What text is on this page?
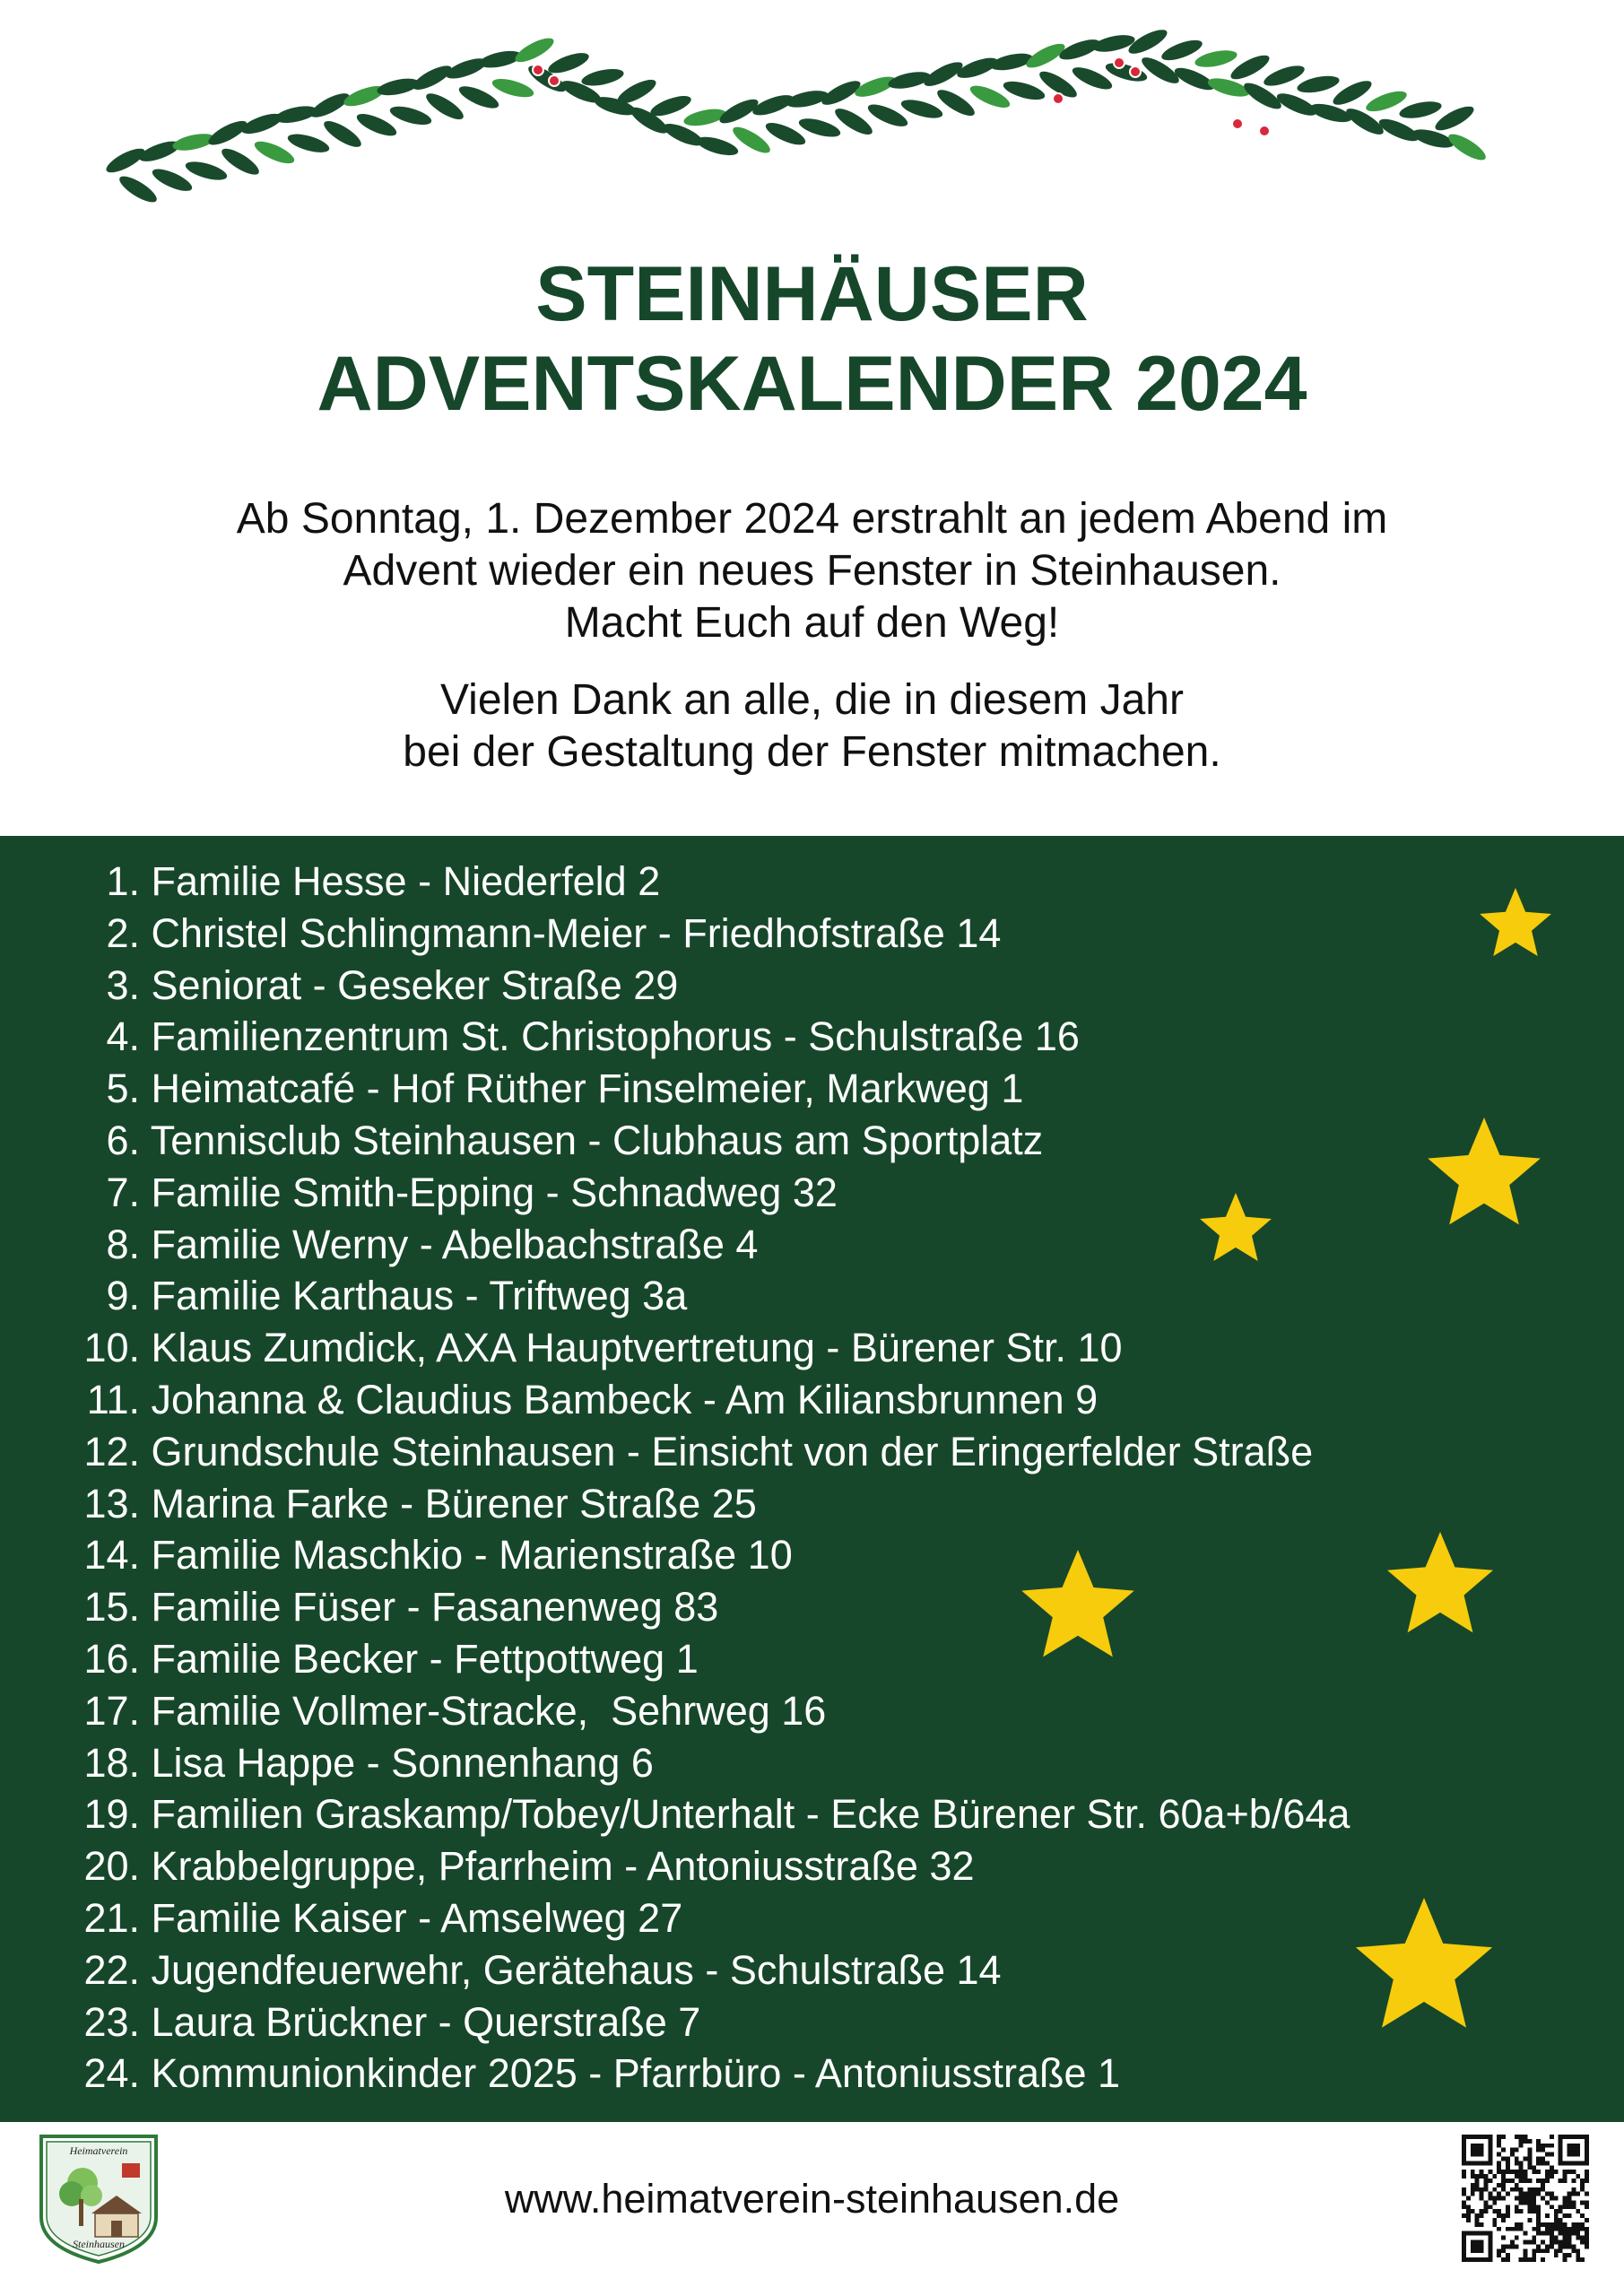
STEINHÄUSER
ADVENTSKALENDER 2024

Ab Sonntag, 1. Dezember 2024 erstrahlt an jedem Abend im
Advent wieder ein neues Fenster in Steinhausen.
Macht Euch auf den Weg!

Vielen Dank an alle, die in diesem Jahr
bei der Gestaltung der Fenster mitmachen.

1. Familie Hesse - Niederfeld 2
2. Christel Schlingmann-Meier - Friedhofstraße 14
3. Seniorat - Geseker Straße 29
4. Familienzentrum St. Christophorus - Schulstraße 16
5. Heimatcafé - Hof Rüther Finselmeier, Markweg 1
6. Tennisclub Steinhausen - Clubhaus am Sportplatz
7. Familie Smith-Epping - Schnadweg 32
8. Familie Werny - Abelbachstraße 4
9. Familie Karthaus - Triftweg 3a
10. Klaus Zumdick, AXA Hauptvertretung - Bürener Str. 10
11. Johanna & Claudius Bambeck - Am Kiliansbrunnen 9
12. Grundschule Steinhausen - Einsicht von der Eringerfelder Straße
13. Marina Farke - Bürener Straße 25
14. Familie Maschkio - Marienstraße 10
15. Familie Füser - Fasanenweg 83
16. Familie Becker - Fettpottweg 1
17. Familie Vollmer-Stracke,  Sehrweg 16
18. Lisa Happe - Sonnenhang 6
19. Familien Graskamp/Tobey/Unterhalt - Ecke Bürener Str. 60a+b/64a
20. Krabbelgruppe, Pfarrheim - Antoniusstraße 32
21. Familie Kaiser - Amselweg 27
22. Jugendfeuerwehr, Gerätehaus - Schulstraße 14
23. Laura Brückner - Querstraße 7
24. Kommunionkinder 2025 - Pfarrbüro - Antoniusstraße 1
Heimatverein
Steinhausen
www.heimatverein-steinhausen.de
